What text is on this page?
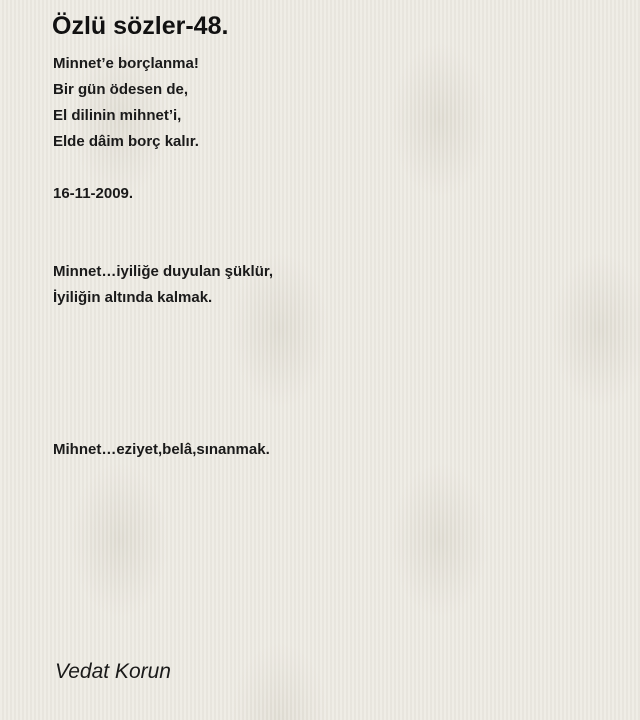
Özlü sözler-48.

Minnet’e borçlanma!

Bir gün ödesen de,

El dilinin mihnet’i,

Elde dâim borç kalır.

16-11-2009.

Minnet…iyiliğe duyulan şüklür,

İyiliğin altında kalmak.

Mihnet…eziyet,belâ,sınanmak.

Vedat Korun
